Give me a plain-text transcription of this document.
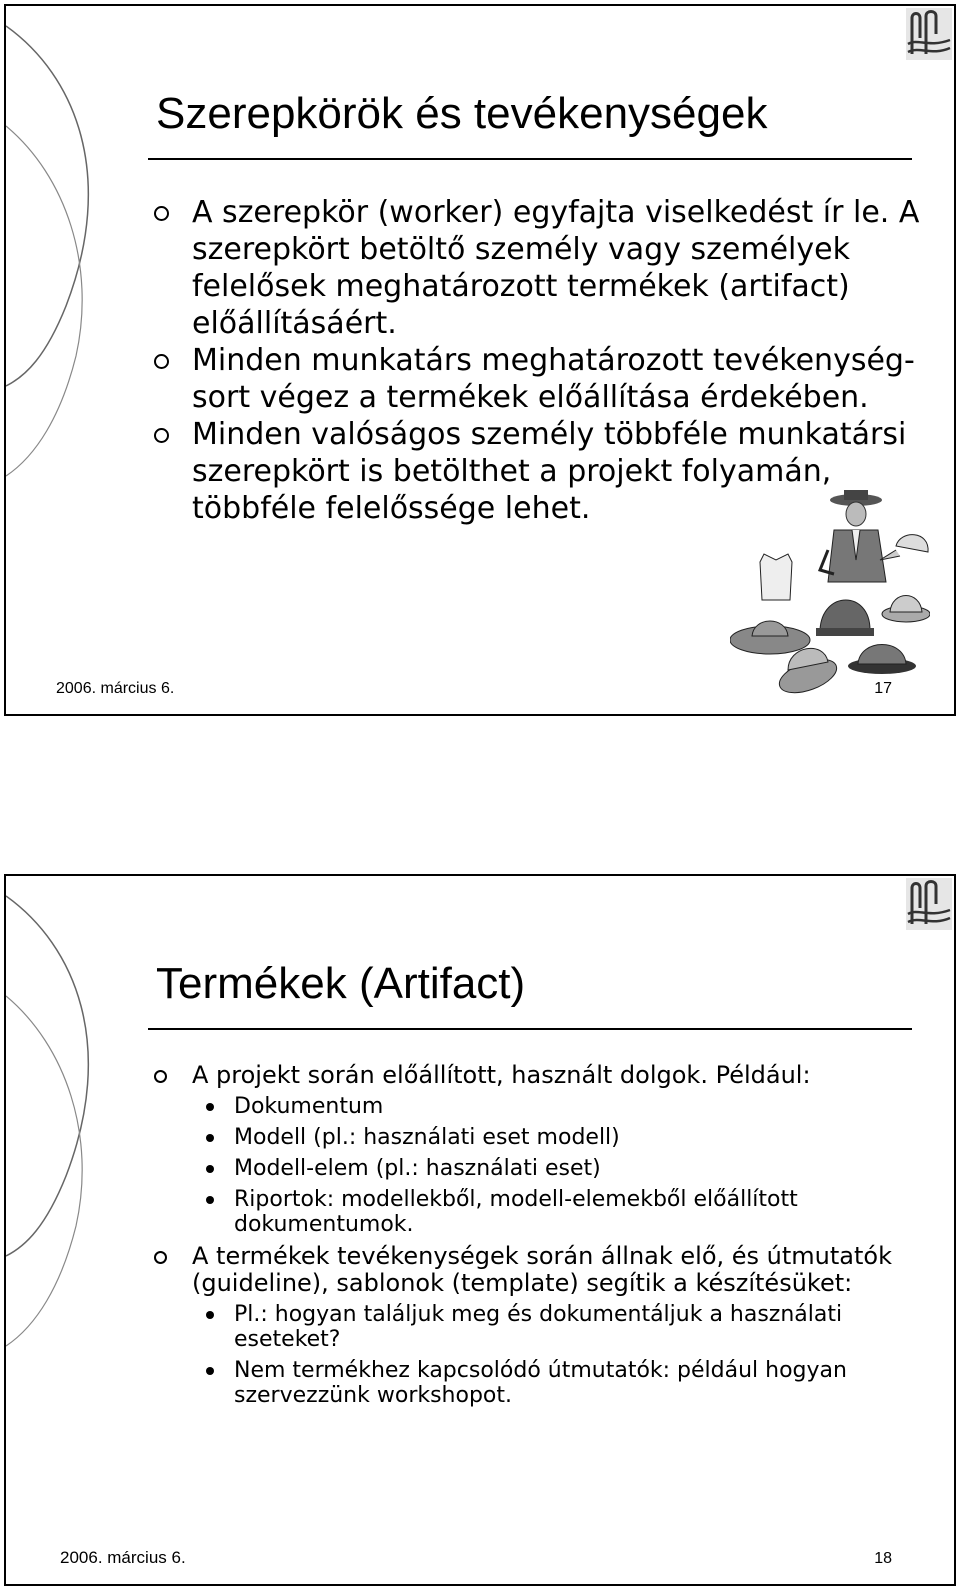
Szerepkörök és tevékenységek
A szerepkör (worker) egyfajta viselkedést ír le. A szerepkört betöltő személy vagy személyek felelősek meghatározott termékek (artifact) előállításáért.
Minden munkatárs meghatározott tevékenység-sort végez a termékek előállítása érdekében.
Minden valóságos személy többféle munkatársi szerepkört is betölthet a projekt folyamán, többféle felelőssége lehet.
2006. március 6.	17
Termékek (Artifact)
A projekt során előállított, használt dolgok. Például:
Dokumentum
Modell (pl.: használati eset modell)
Modell-elem (pl.: használati eset)
Riportok: modellekből, modell-elemekből előállított dokumentumok.
A termékek tevékenységek során állnak elő, és útmutatók (guideline), sablonok (template) segítik a készítésüket:
Pl.: hogyan találjuk meg és dokumentáljuk a használati eseteket?
Nem termékhez kapcsolódó útmutatók: például hogyan szervezzünk workshopot.
2006. március 6.	18
